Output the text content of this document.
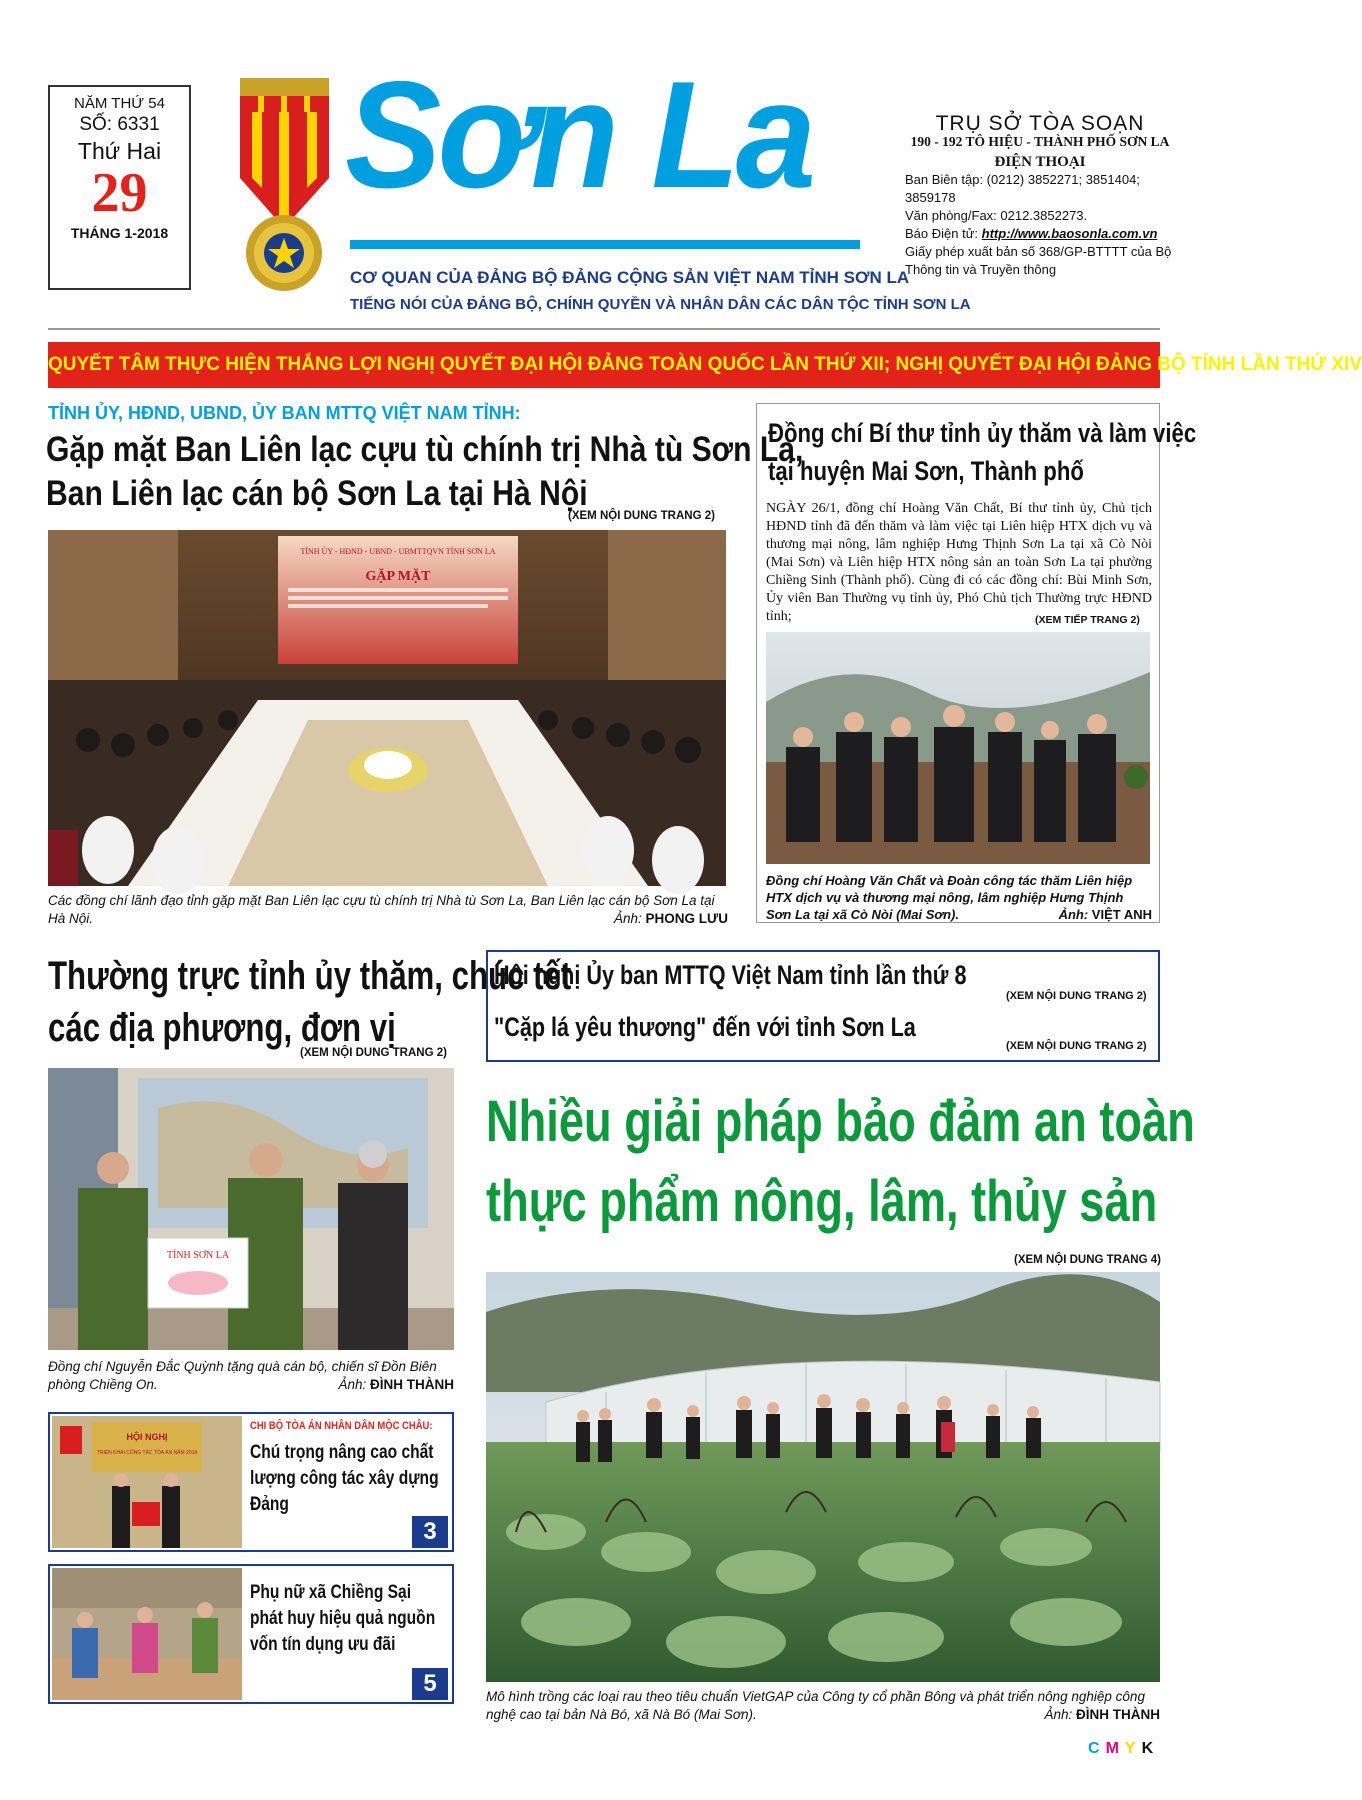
NĂM THỨ 54
SỐ: 6331
Thứ Hai
29
THÁNG 1-2018
Sơn La
CƠ QUAN CỦA ĐẢNG BỘ ĐẢNG CỘNG SẢN VIỆT NAM TỈNH SƠN LA
TIẾNG NÓI CỦA ĐẢNG BỘ, CHÍNH QUYỀN VÀ NHÂN DÂN CÁC DÂN TỘC TỈNH SƠN LA
TRỤ SỞ TÒA SOẠN
190 - 192 TÔ HIỆU - THÀNH PHỐ SƠN LA
ĐIỆN THOẠI
Ban Biên tập: (0212) 3852271; 3851404; 3859178
Văn phòng/Fax: 0212.3852273.
Báo Điện tử: http://www.baosonla.com.vn
Giấy phép xuất bản số 368/GP-BTTTT của Bộ Thông tin và Truyền thông
QUYẾT TÂM THỰC HIỆN THẮNG LỢI NGHỊ QUYẾT ĐẠI HỘI ĐẢNG TOÀN QUỐC LẦN THỨ XII; NGHỊ QUYẾT ĐẠI HỘI ĐẢNG BỘ TỈNH LẦN THỨ XIV
TỈNH ỦY, HĐND, UBND, ỦY BAN MTTQ VIỆT NAM TỈNH:
Gặp mặt Ban Liên lạc cựu tù chính trị Nhà tù Sơn La,
Ban Liên lạc cán bộ Sơn La tại Hà Nội
(XEM NỘI DUNG TRANG 2)
TỈNH ỦY - HĐND - UBND - UBMTTQVN TỈNH SƠN LA
GẶP MẶT
Các đồng chí lãnh đạo tỉnh gặp mặt Ban Liên lạc cựu tù chính trị Nhà tù Sơn La, Ban Liên lạc cán bộ Sơn La tại Hà Nội.	Ảnh: PHONG LƯU
Đồng chí Bí thư tỉnh ủy thăm và làm việc
tại huyện Mai Sơn, Thành phố
NGÀY 26/1, đồng chí Hoàng Văn Chất, Bí thư tỉnh ủy, Chủ tịch HĐND tỉnh đã đến thăm và làm việc tại Liên hiệp HTX dịch vụ và thương mại nông, lâm nghiệp Hưng Thịnh Sơn La tại xã Cò Nòi (Mai Sơn) và Liên hiệp HTX nông sản an toàn Sơn La tại phường Chiềng Sinh (Thành phố). Cùng đi có các đồng chí: Bùi Minh Sơn, Ủy viên Ban Thường vụ tỉnh ủy, Phó Chủ tịch Thường trực HĐND tỉnh;	(XEM TIẾP TRANG 2)
Đồng chí Hoàng Văn Chất và Đoàn công tác thăm Liên hiệp HTX dịch vụ và thương mại nông, lâm nghiệp Hưng Thịnh Sơn La tại xã Cò Nòi (Mai Sơn).	Ảnh: VIỆT ANH
Thường trực tỉnh ủy thăm, chúc tết
các địa phương, đơn vị
(XEM NỘI DUNG TRANG 2)
TỈNH SƠN LA
Đồng chí Nguyễn Đắc Quỳnh tặng quà cán bộ, chiến sĩ Đồn Biên phòng Chiềng On.	Ảnh: ĐÌNH THÀNH
Hội nghị Ủy ban MTTQ Việt Nam tỉnh lần thứ 8
(XEM NỘI DUNG TRANG 2)
"Cặp lá yêu thương" đến với tỉnh Sơn La
(XEM NỘI DUNG TRANG 2)
Nhiều giải pháp bảo đảm an toàn
thực phẩm nông, lâm, thủy sản
(XEM NỘI DUNG TRANG 4)
Mô hình trồng các loại rau theo tiêu chuẩn VietGAP của Công ty cổ phần Bông và phát triển nông nghiệp công nghệ cao tại bản Nà Bó, xã Nà Bó (Mai Sơn).	Ảnh: ĐÌNH THÀNH
HỘI NGHỊ
TRIỂN KHAI CÔNG TÁC TÒA ÁN NĂM 2018
CHI BỘ TÒA ÁN NHÂN DÂN MỘC CHÂU:
Chú trọng nâng cao chất lượng công tác xây dựng Đảng
3
Phụ nữ xã Chiềng Sại phát huy hiệu quả nguồn vốn tín dụng ưu đãi
5
CMYK
